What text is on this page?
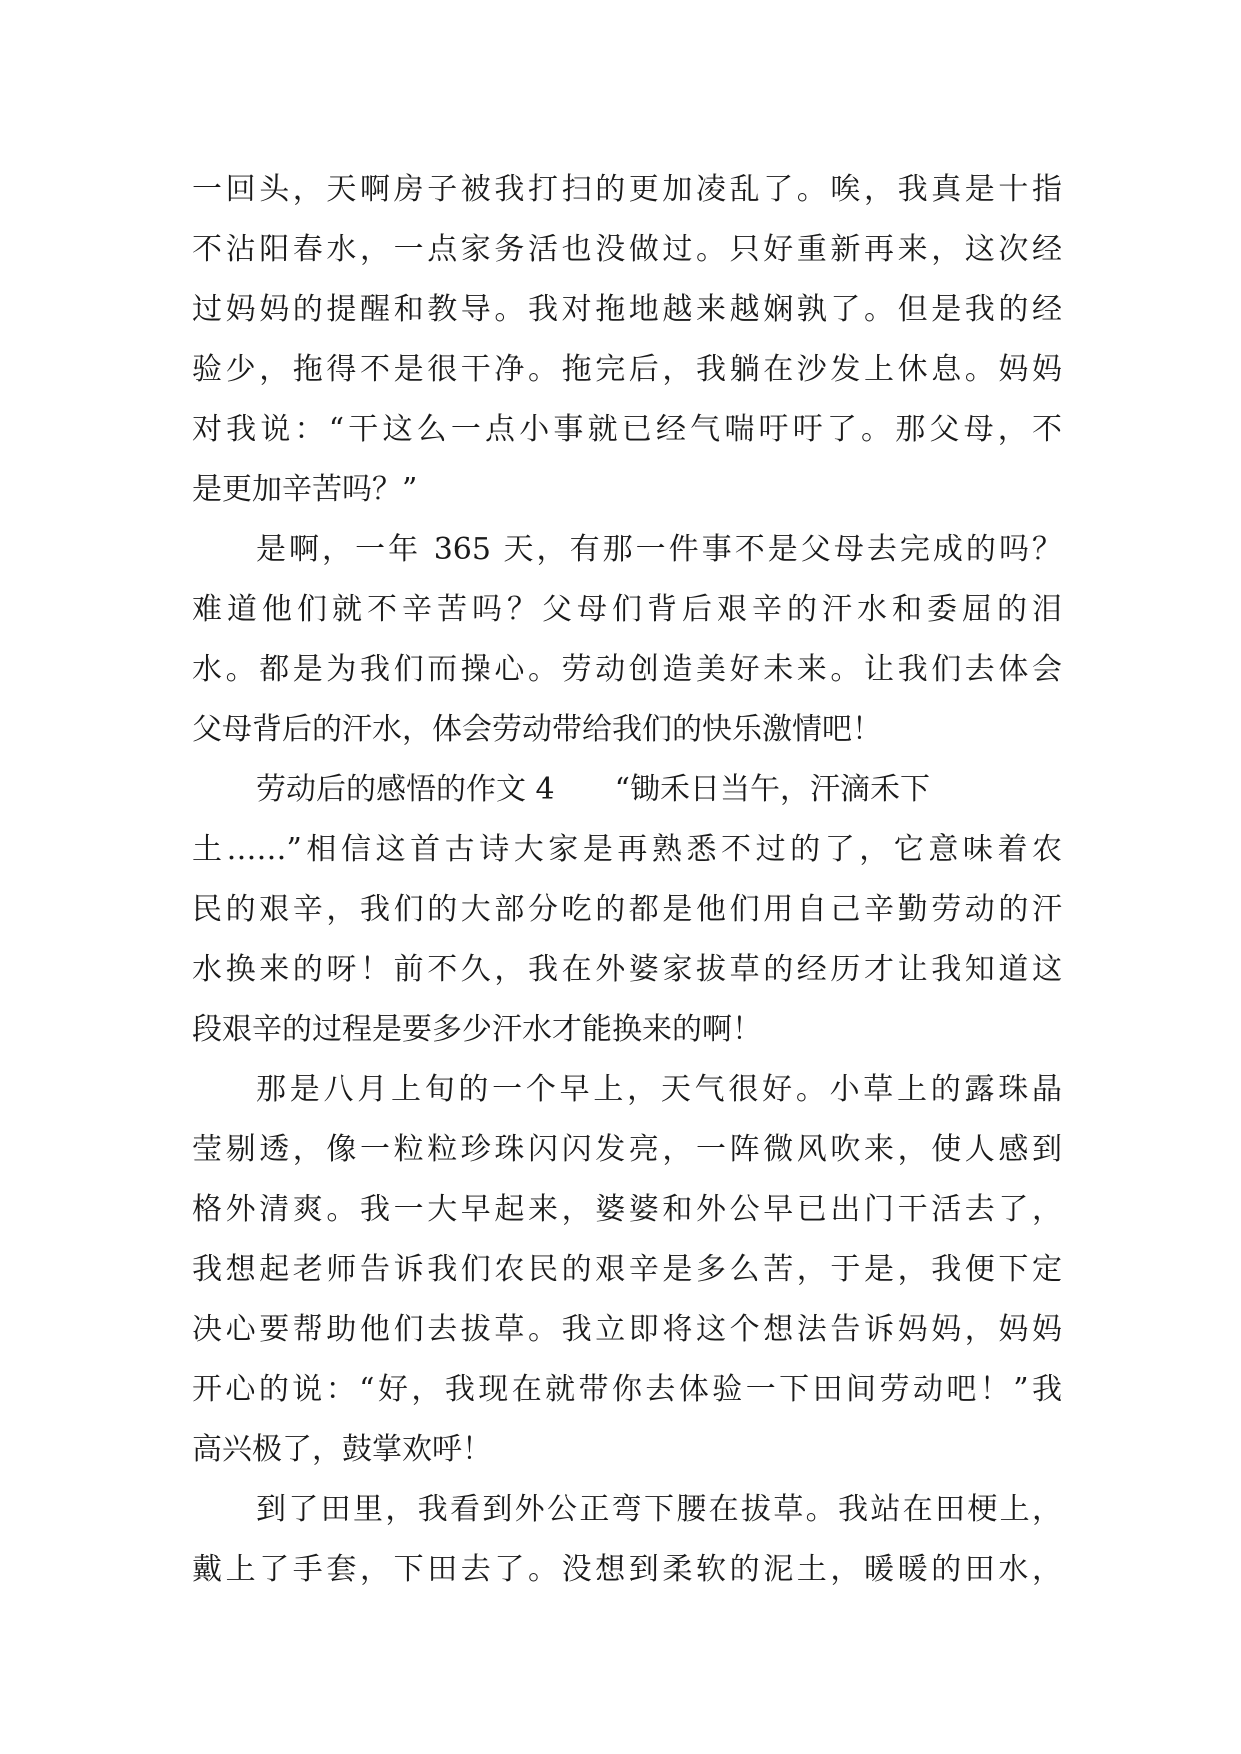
一回头，天啊房子被我打扫的更加凌乱了。唉，我真是十指
不沾阳春水，一点家务活也没做过。只好重新再来，这次经
过妈妈的提醒和教导。我对拖地越来越娴孰了。但是我的经
验少，拖得不是很干净。拖完后，我躺在沙发上休息。妈妈
对我说：“干这么一点小事就已经气喘吁吁了。那父母，不
是更加辛苦吗？”
是啊，一年 365 天，有那一件事不是父母去完成的吗？
难道他们就不辛苦吗？父母们背后艰辛的汗水和委屈的泪
水。都是为我们而操心。劳动创造美好未来。让我们去体会
父母背后的汗水，体会劳动带给我们的快乐激情吧！
劳动后的感悟的作文 4　　“锄禾日当午，汗滴禾下
土……”相信这首古诗大家是再熟悉不过的了，它意味着农
民的艰辛，我们的大部分吃的都是他们用自己辛勤劳动的汗
水换来的呀！前不久，我在外婆家拔草的经历才让我知道这
段艰辛的过程是要多少汗水才能换来的啊！
那是八月上旬的一个早上，天气很好。小草上的露珠晶
莹剔透，像一粒粒珍珠闪闪发亮，一阵微风吹来，使人感到
格外清爽。我一大早起来，婆婆和外公早已出门干活去了，
我想起老师告诉我们农民的艰辛是多么苦，于是，我便下定
决心要帮助他们去拔草。我立即将这个想法告诉妈妈，妈妈
开心的说：“好，我现在就带你去体验一下田间劳动吧！”我
高兴极了，鼓掌欢呼！
到了田里，我看到外公正弯下腰在拔草。我站在田梗上，
戴上了手套，下田去了。没想到柔软的泥土，暖暖的田水，
